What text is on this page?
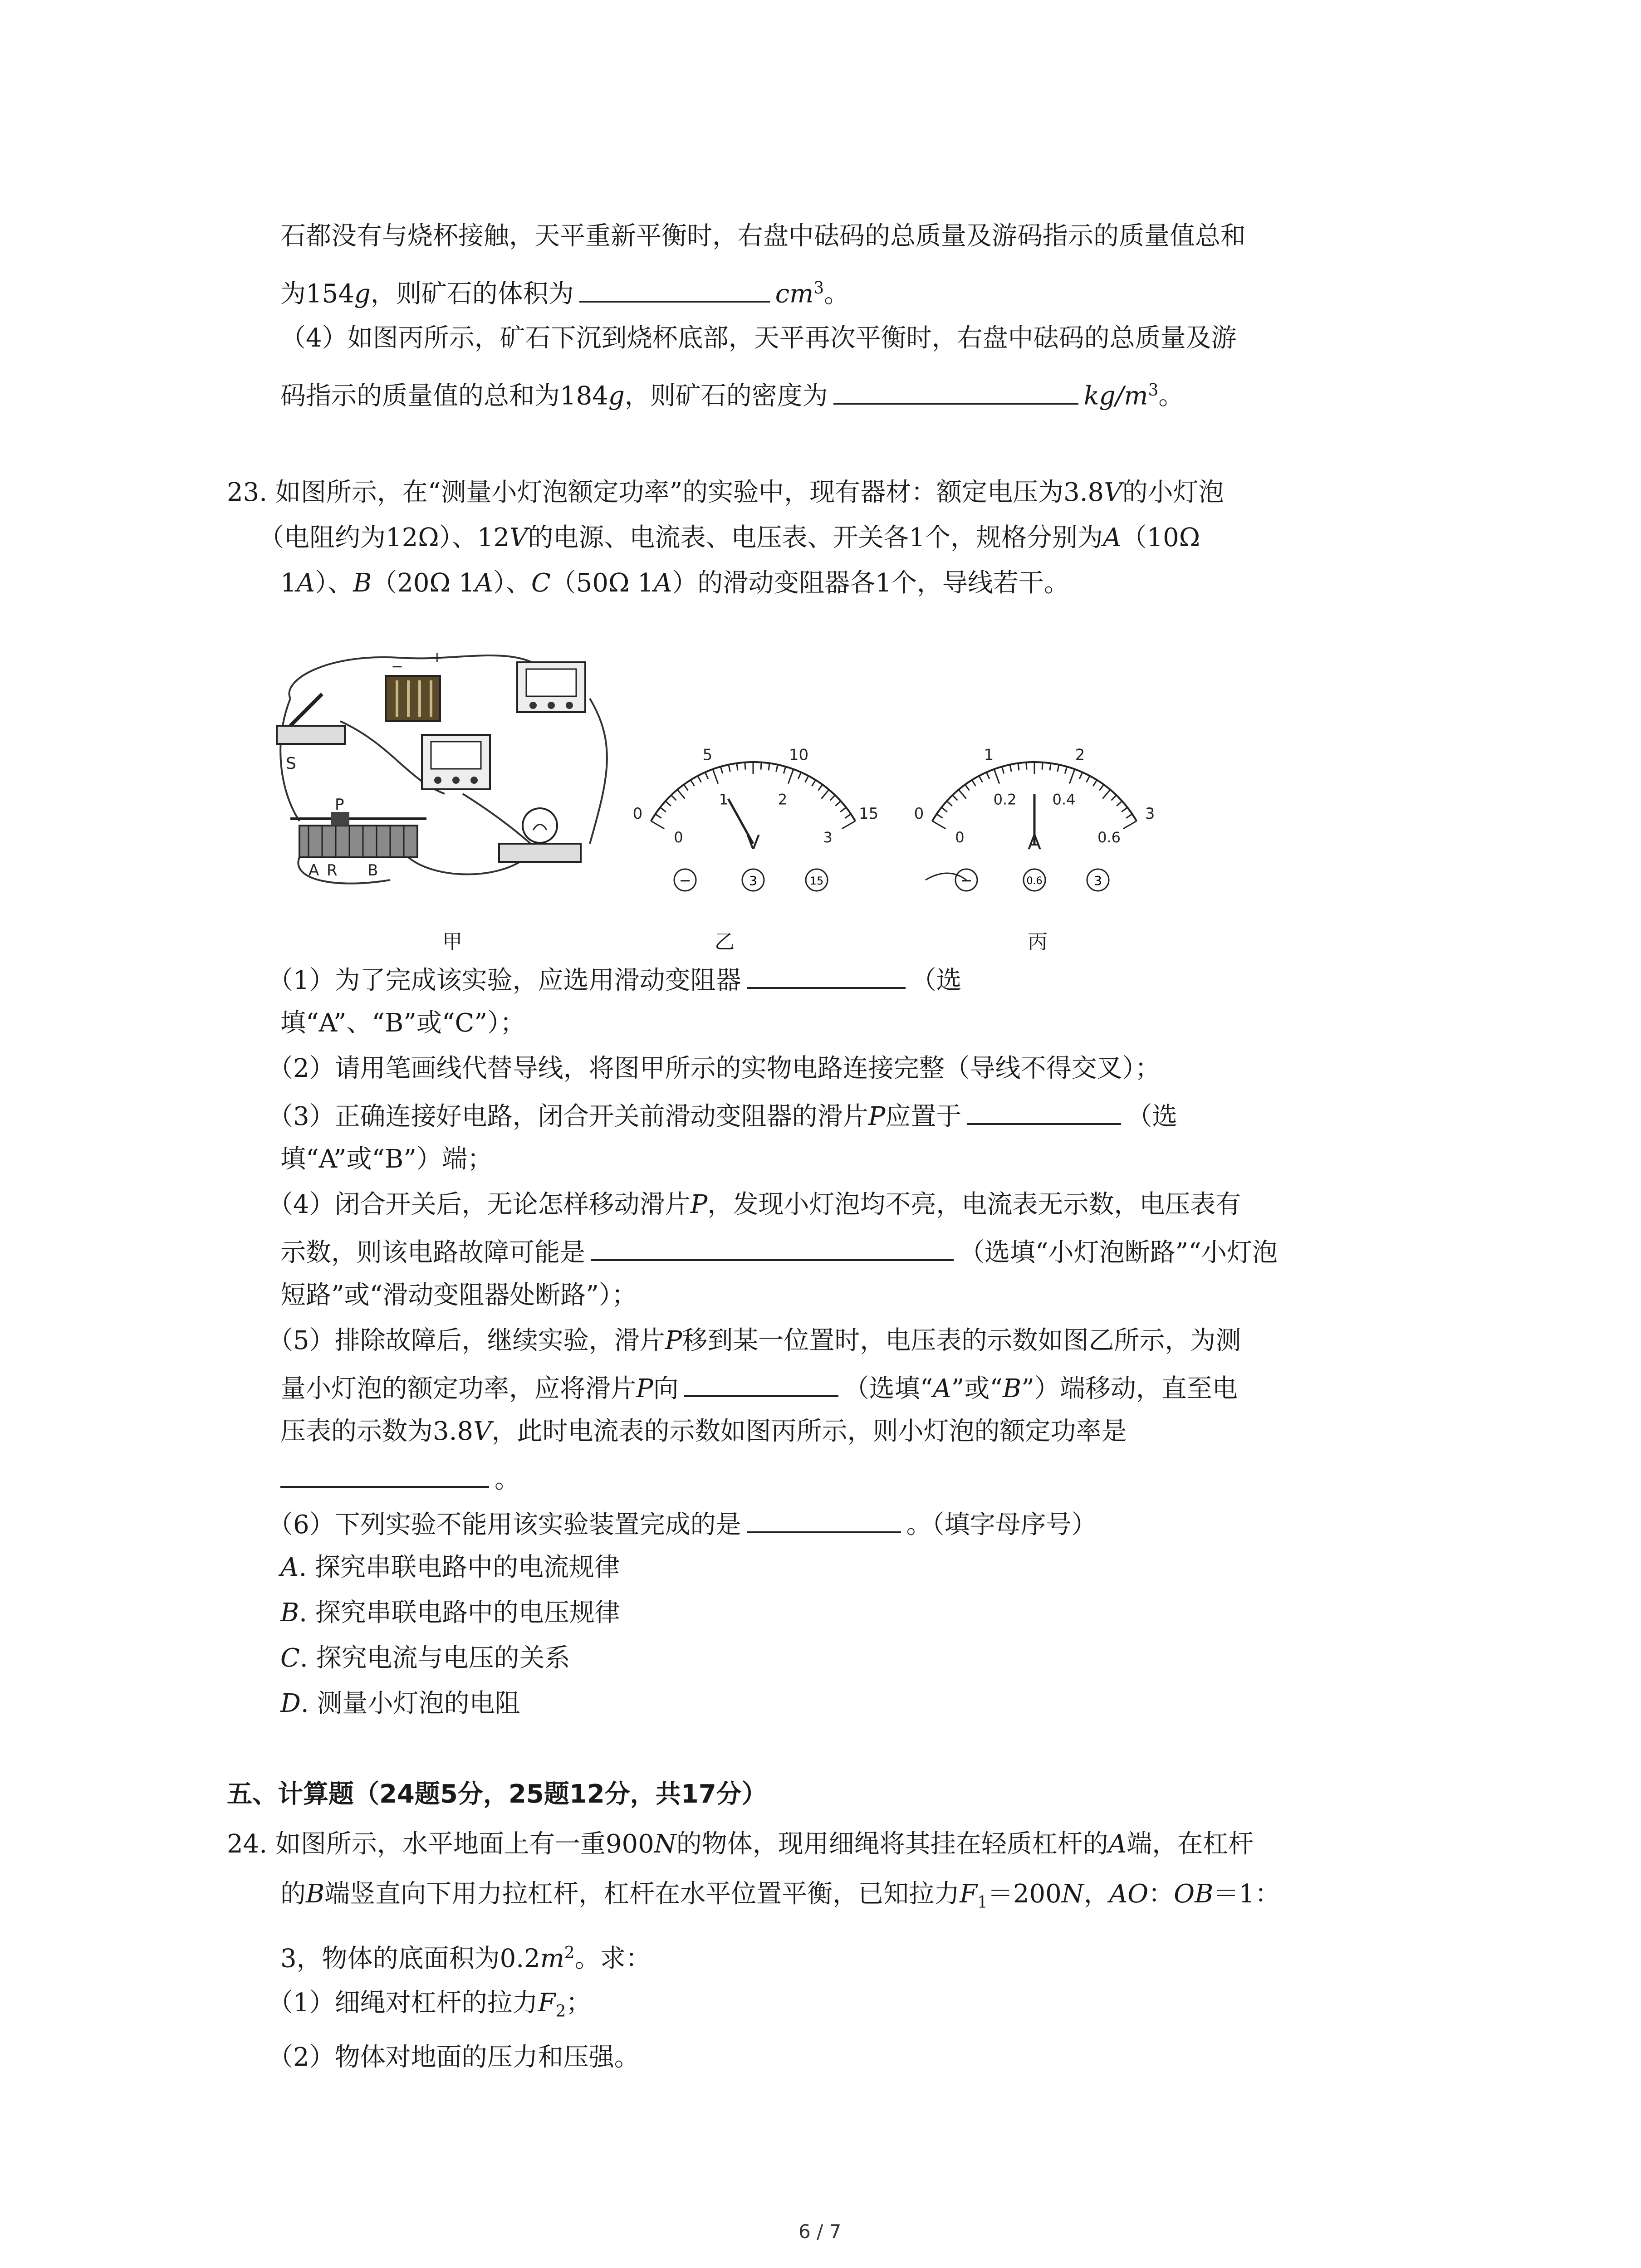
石都没有与烧杯接触，天平重新平衡时，右盘中砝码的总质量及游码指示的质量值总和
为154g，则矿石的体积为	$cm^3$。
（4）如图丙所示，矿石下沉到烧杯底部，天平再次平衡时，右盘中砝码的总质量及游
码指示的质量值的总和为184g，则矿石的密度为	$kg/m^3$。
23. 如图所示，在“测量小灯泡额定功率”的实验中，现有器材：额定电压为3.8V的小灯泡
（电阻约为12Ω）、12V的电源、电流表、电压表、开关各1个，规格分别为A（10Ω
1A）、B（20Ω 1A）、C（50Ω 1A）的滑动变阻器各1个，导线若干。
−
+
S
P
A R B
0
5	10
15
0
1	2
3
V
−	3	15
0
1	2
3
0
0.2 0.4
0.6
A
−	0.6	3
甲	乙	丙
（1）为了完成该实验，应选用滑动变阻器	（选
填“A”、“B”或“C”）；
（2）请用笔画线代替导线，将图甲所示的实物电路连接完整（导线不得交叉）；
（3）正确连接好电路，闭合开关前滑动变阻器的滑片P应置于	（选
填“A”或“B”）端；
（4）闭合开关后，无论怎样移动滑片P，发现小灯泡均不亮，电流表无示数，电压表有
示数，则该电路故障可能是	（选填“小灯泡断路”“小灯泡
短路”或“滑动变阻器处断路”）；
（5）排除故障后，继续实验，滑片P移到某一位置时，电压表的示数如图乙所示，为测
量小灯泡的额定功率，应将滑片P向	（选填“A”或“B”）端移动，直至电
压表的示数为3.8V，此时电流表的示数如图丙所示，则小灯泡的额定功率是
。
（6）下列实验不能用该实验装置完成的是	。（填字母序号）
A. 探究串联电路中的电流规律
B. 探究串联电路中的电压规律
C. 探究电流与电压的关系
D. 测量小灯泡的电阻
五、计算题（24题5分，25题12分，共17分）
24. 如图所示，水平地面上有一重900N的物体，现用细绳将其挂在轻质杠杆的A端，在杠杆
的B端竖直向下用力拉杠杆，杠杆在水平位置平衡，已知拉力$F_1=200N$，AO：OB＝1：
3，物体的底面积为$0.2m^2$。求：
（1）细绳对杠杆的拉力$F_2$；
（2）物体对地面的压力和压强。
6 / 7
